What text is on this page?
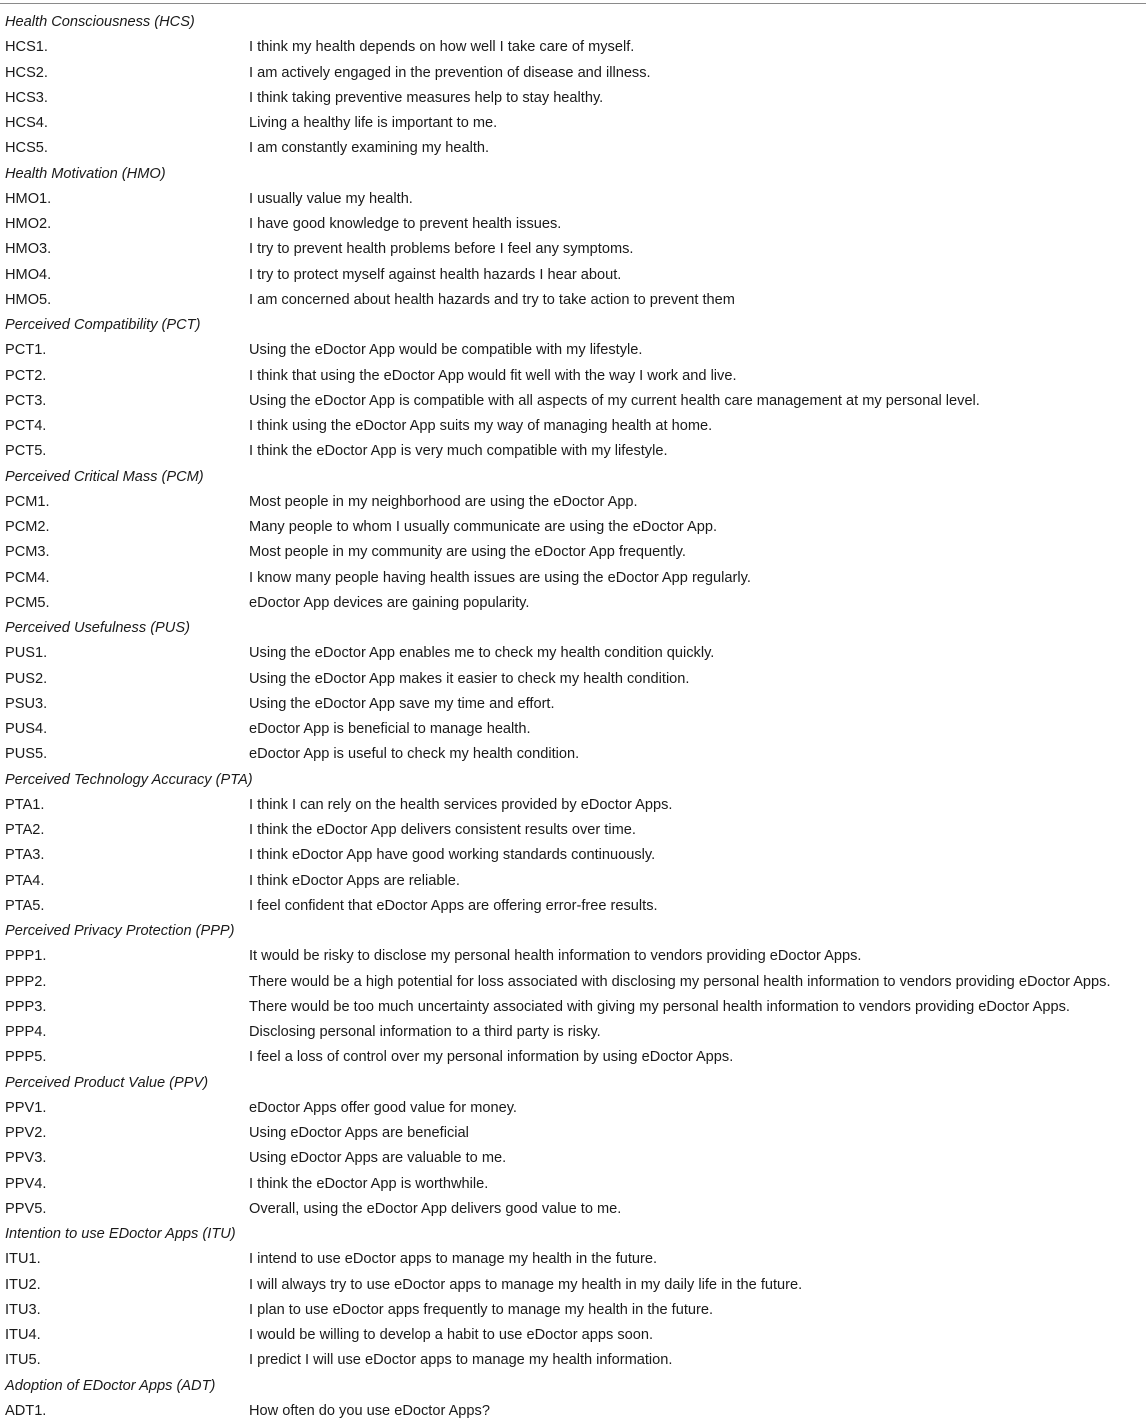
Health Consciousness (HCS)
HCS1.	I think my health depends on how well I take care of myself.
HCS2.	I am actively engaged in the prevention of disease and illness.
HCS3.	I think taking preventive measures help to stay healthy.
HCS4.	Living a healthy life is important to me.
HCS5.	I am constantly examining my health.
Health Motivation (HMO)
HMO1.	I usually value my health.
HMO2.	I have good knowledge to prevent health issues.
HMO3.	I try to prevent health problems before I feel any symptoms.
HMO4.	I try to protect myself against health hazards I hear about.
HMO5.	I am concerned about health hazards and try to take action to prevent them
Perceived Compatibility (PCT)
PCT1.	Using the eDoctor App would be compatible with my lifestyle.
PCT2.	I think that using the eDoctor App would fit well with the way I work and live.
PCT3.	Using the eDoctor App is compatible with all aspects of my current health care management at my personal level.
PCT4.	I think using the eDoctor App suits my way of managing health at home.
PCT5.	I think the eDoctor App is very much compatible with my lifestyle.
Perceived Critical Mass (PCM)
PCM1.	Most people in my neighborhood are using the eDoctor App.
PCM2.	Many people to whom I usually communicate are using the eDoctor App.
PCM3.	Most people in my community are using the eDoctor App frequently.
PCM4.	I know many people having health issues are using the eDoctor App regularly.
PCM5.	eDoctor App devices are gaining popularity.
Perceived Usefulness (PUS)
PUS1.	Using the eDoctor App enables me to check my health condition quickly.
PUS2.	Using the eDoctor App makes it easier to check my health condition.
PSU3.	Using the eDoctor App save my time and effort.
PUS4.	eDoctor App is beneficial to manage health.
PUS5.	eDoctor App is useful to check my health condition.
Perceived Technology Accuracy (PTA)
PTA1.	I think I can rely on the health services provided by eDoctor Apps.
PTA2.	I think the eDoctor App delivers consistent results over time.
PTA3.	I think eDoctor App have good working standards continuously.
PTA4.	I think eDoctor Apps are reliable.
PTA5.	I feel confident that eDoctor Apps are offering error-free results.
Perceived Privacy Protection (PPP)
PPP1.	It would be risky to disclose my personal health information to vendors providing eDoctor Apps.
PPP2.	There would be a high potential for loss associated with disclosing my personal health information to vendors providing eDoctor Apps.
PPP3.	There would be too much uncertainty associated with giving my personal health information to vendors providing eDoctor Apps.
PPP4.	Disclosing personal information to a third party is risky.
PPP5.	I feel a loss of control over my personal information by using eDoctor Apps.
Perceived Product Value (PPV)
PPV1.	eDoctor Apps offer good value for money.
PPV2.	Using eDoctor Apps are beneficial
PPV3.	Using eDoctor Apps are valuable to me.
PPV4.	I think the eDoctor App is worthwhile.
PPV5.	Overall, using the eDoctor App delivers good value to me.
Intention to use EDoctor Apps (ITU)
ITU1.	I intend to use eDoctor apps to manage my health in the future.
ITU2.	I will always try to use eDoctor apps to manage my health in my daily life in the future.
ITU3.	I plan to use eDoctor apps frequently to manage my health in the future.
ITU4.	I would be willing to develop a habit to use eDoctor apps soon.
ITU5.	I predict I will use eDoctor apps to manage my health information.
Adoption of EDoctor Apps (ADT)
ADT1.	How often do you use eDoctor Apps?
